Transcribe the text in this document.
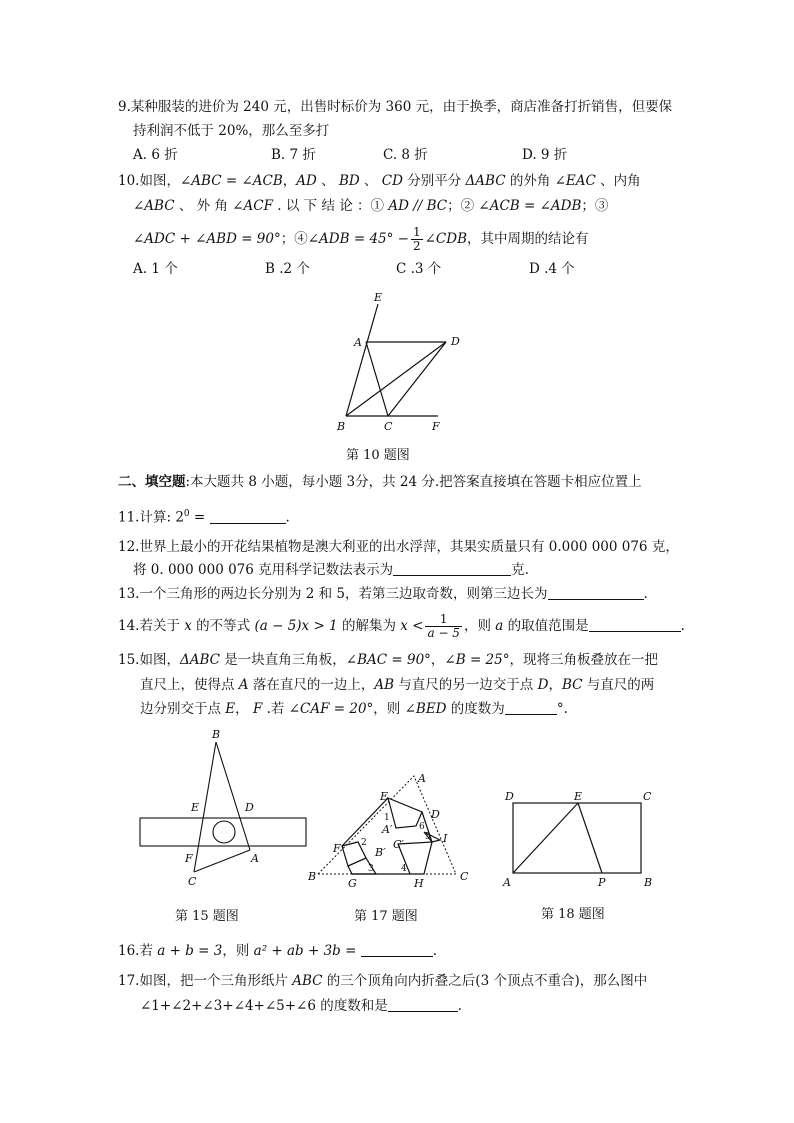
9.某种服装的进价为 240 元，出售时标价为 360 元，由于换季，商店准备打折销售，但要保
持利润不低于 20%，那么至多打
A. 6 折	B. 7 折	C. 8 折	D. 9 折
10.如图，∠ABC = ∠ACB，AD 、 BD 、 CD 分别平分 ΔABC 的外角 ∠EAC 、内角
∠ABC 、 外 角 ∠ACF . 以 下 结 论 ：① AD // BC；② ∠ACB = ∠ADB；③
∠ADC + ∠ABD = 90°；④∠ADB = $45^\circ - \frac{1}{2}$ ∠CDB，其中周期的结论有
A. 1 个	B .2 个	C .3 个	D .4 个
E
A	D
B	C	F
第 10 题图
二、填空题:本大题共 8 小题，每小题 3分，共 24 分.把答案直接填在答题卡相应位置上
11.计算: $2^0$ =	.
12.世界上最小的开花结果植物是澳大利亚的出水浮萍，其果实质量只有 0.000 000 076 克，
将 0. 000 000 076 克用科学记数法表示为	克.
13.一个三角形的两边长分别为 2 和 5，若第三边取奇数，则第三边长为	.
14.若关于 x 的不等式 (a − 5)x > 1 的解集为 $x < \frac{1}{a - 5}$ ，则 a 的取值范围是	.
15.如图，ΔABC 是一块直角三角板，∠BAC = 90°，∠B = 25°，现将三角板叠放在一把
直尺上，使得点 A 落在直尺的一边上，AB 与直尺的另一边交于点 D，BC 与直尺的两
边分别交于点 E， F .若 ∠CAF = 20°，则 ∠BED 的度数为	°.
B
E	D
F	A
C
第 15 题图
A
E
D
A′
B′
C′
F
I
B
G	H
C
1
2
3	4
5
6
第 17 题图
D	E	C
A	P	B
第 18 题图
16.若 a + b = 3，则 a² + ab + 3b =	.
17.如图，把一个三角形纸片 ABC 的三个顶角向内折叠之后(3 个顶点不重合)，那么图中
∠1+∠2+∠3+∠4+∠5+∠6 的度数和是	.
